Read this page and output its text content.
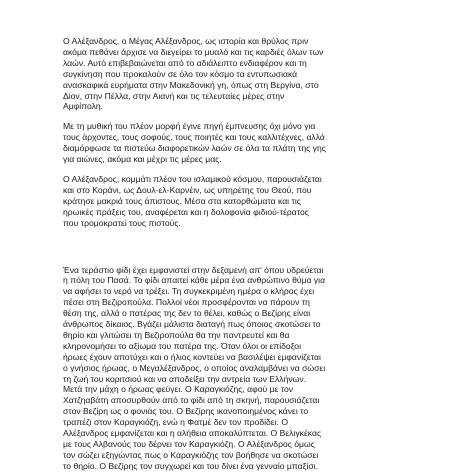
Ο Αλέξανδρος, ο Μέγας Αλέξανδρος, ως ιστορία και θρύλος πριν
ακόμα πεθάνει άρχισε να διεγείρει το μυαλό και τις καρδιές όλων των
λαών. Αυτό επιβεβαιώνεται από το αδιάλειπτο ενδιαφέρον και τη
συγκίνηση που προκαλούν σε όλο τον κόσμο τα εντυπωσιακά
ανασκαφικά ευρήματα στην Μακεδονική γη, όπως στη Βεργίνα, στο
Δίον, στην Πέλλα, στην Αιανή και τις τελευταίες μέρες στην
Αμφίπολη.

Με τη μυθική του πλέον μορφή έγινε πηγή έμπνευσης όχι μόνο για
τους άρχοντες, τους σοφούς, τους ποιητές και τους καλλιτέχνες, αλλά
διαμόρφωσε τα πιστεύω διαφορετικών λαών σε όλα τα πλάτη της γης
για αιώνες, ακόμα και μέχρι τις μέρες μας.

Ο Αλέξανδρος, κομμάτι πλέον του ισλαμικού κόσμου, παρουσιάζεται
και στο Κοράνι, ως Δουλ-ελ-Καρνέιν, ως υπηρέτης του Θεού, που
κράτησε μακριά τους άπιστους. Μέσα στα κατορθώματα και τις
ηρωικές πράξεις του, αναφέρεται και η δολοφονία φιδιού-τέρατος
που τρομοκρατεί τους πιστούς.

Ένα τεράστιο φίδι έχει εμφανιστεί στην δεξαμενή απ' όπου υδρεύεται
η πόλη του Πασά. Το φίδι απαιτεί κάθε μέρα ένα ανθρώπινο θύμα για
να αφήσει το νερό να τρέξει. Τη συγκεκριμένη ημέρα ο κλήρος έχει
πέσει στη Βεζιροπούλα. Πολλοί νέοι προσφέρονται να πάρουν τη
θέση της, αλλά ο πατέρας της δεν το θέλει, καθώς ο Βεζίρης είναι
άνθρωπος δίκαιος. Βγάζει μάλιστα διαταγή πως όποιος σκοτώσει το
θηρίο και γλιτώσει τη Βεζιροπούλα θα την παντρευτεί και θα
κληρονομήσει το αξίωμα του πατέρα της. Όταν όλοι οι επίδοξοι
ήρωες έχουν αποτύχει και ο ήλιος κοντεύει να βασιλέψει εμφανίζεται
ο γνήσιος ήρωας, ο Μεγαλέξανδρος, ο οποίος αναλαμβάνει να σώσει
τη ζωή του κοριτσιού και να αποδείξει την αντρεία των Ελλήνων.
Μετά την μάχη ο ήρωας φεύγει. Ο Καραγκιόζης, αφού με τον
Χατζηαβάτη αποσυρθούν από το φίδι από τη σκηνή, παρουσιάζεται
στον Βεζίρη ως ο φονιάς του. Ο Βεζίρης ικανοποιημένος κάνει το
τραπέζι στον Καραγκιόζη, ενώ η Φατμέ δεν τον προδίδει. Ο
Αλέξανδρος εμφανίζεται και η αλήθεια αποκαλύπτεται. Ο Βελιγκέκας
με τους Αλβανούς του δέρνει τον Καραγκιόζη. Ο Αλέξανδρος όμως
τον σώζει εξηγώντας πως ο Καραγκιόζης τον βοήθησε να σκοτώσει
το θηρίο. Ο Βεζίρης τον συγχωρεί και του δίνει ένα γενναίο μπαξίσι.
